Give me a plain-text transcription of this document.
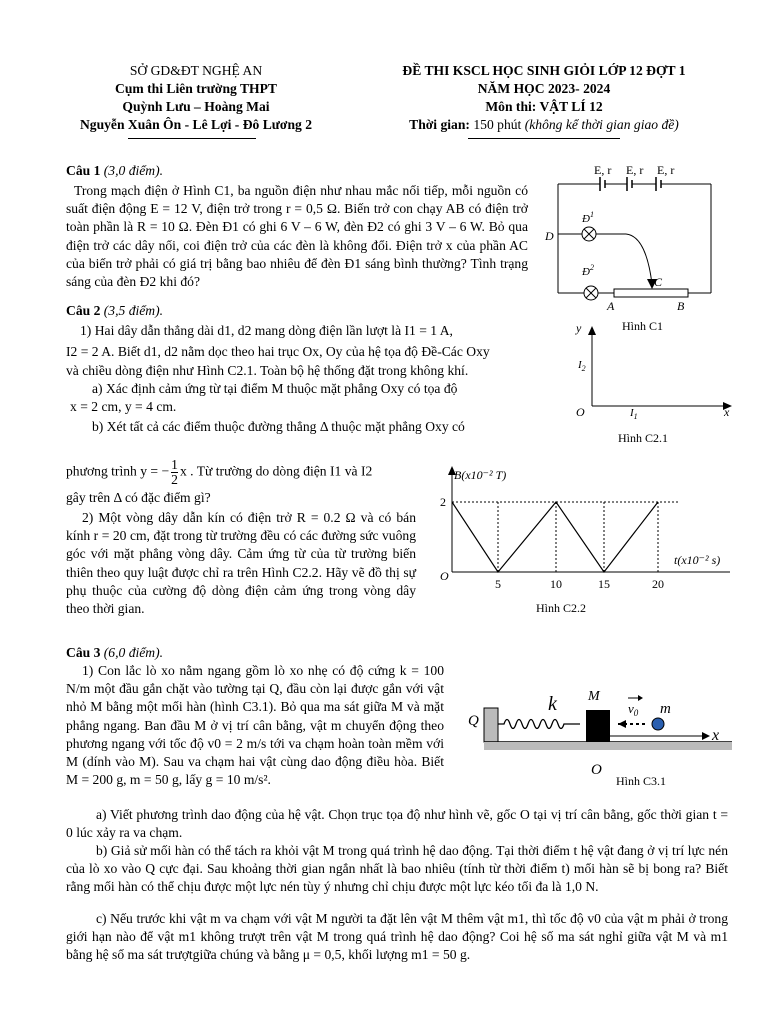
SỞ GD&ĐT NGHỆ AN
Cụm thi Liên trường THPT
Quỳnh Lưu – Hoàng Mai
Nguyễn Xuân Ôn - Lê Lợi - Đô Lương 2
ĐỀ THI KSCL HỌC SINH GIỎI LỚP 12 ĐỢT 1
NĂM HỌC 2023- 2024
Môn thi: VẬT LÍ 12
Thời gian: 150 phút (không kể thời gian giao đề)
Câu 1 (3,0 điểm).
Trong mạch điện ở Hình C1, ba nguồn điện như nhau mắc nối tiếp, mỗi nguồn có suất điện động E = 12 V, điện trở trong r = 0,5 Ω. Biến trở con chạy AB có điện trở toàn phần là R = 10 Ω. Đèn Đ1 có ghi 6 V – 6 W, đèn Đ2 có ghi 3 V – 6 W. Bỏ qua điện trở các dây nối, coi điện trở của các đèn là không đổi. Điện trở x của phần AC của biến trở phải có giá trị bằng bao nhiêu để đèn Đ1 sáng bình thường? Tình trạng sáng của đèn Đ2 khi đó?
E, r E, r E, r
D
$Đ^1$
C
$Đ^2$
A	B
Hình C1
Câu 2 (3,5 điểm).
1) Hai dây dẫn thẳng dài d1, d2 mang dòng điện lần lượt là I1 = 1 A,
I2 = 2 A. Biết d1, d2 nằm dọc theo hai trục Ox, Oy của hệ tọa độ Đề-Các Oxy
và chiều dòng điện như Hình C2.1. Toàn bộ hệ thống đặt trong không khí.
a) Xác định cảm ứng từ tại điểm M thuộc mặt phẳng Oxy có tọa độ
x = 2 cm, y = 4 cm.
b) Xét tất cả các điểm thuộc đường thẳng Δ thuộc mặt phẳng Oxy có
y
x
O
$I_2$
$I_1$
Hình C2.1
phương trình y = − $\frac{1}{2}$ x . Từ trường do dòng điện I1 và I2
gây trên Δ có đặc điểm gì?
2) Một vòng dây dẫn kín có điện trở R = 0.2 Ω và có bán kính r = 20 cm, đặt trong từ trường đều có các đường sức vuông góc với mặt phẳng vòng dây. Cảm ứng từ của từ trường biến thiên theo quy luật được chỉ ra trên Hình C2.2. Hãy vẽ đồ thị sự phụ thuộc của cường độ dòng điện cảm ứng trong vòng dây theo thời gian.
B(x10⁻² T)
t(x10⁻² s)
O
2
5	10	15	20
Hình C2.2
Câu 3 (6,0 điểm).
1) Con lắc lò xo nằm ngang gồm lò xo nhẹ có độ cứng k = 100 N/m một đầu gắn chặt vào tường tại Q, đầu còn lại được gắn với vật nhỏ M bằng một mối hàn (hình C3.1). Bỏ qua ma sát giữa M và mặt phẳng ngang. Ban đầu M ở vị trí cân bằng, vật m chuyển động theo phương ngang với tốc độ v0 = 2 m/s tới va chạm hoàn toàn mềm với M (dính vào M). Sau va chạm hai vật cùng dao động điều hòa. Biết M = 200 g, m = 50 g, lấy g = 10 m/s².
Q
k M
$v_0$ m
x
O
Hình C3.1
a) Viết phương trình dao động của hệ vật. Chọn trục tọa độ như hình vẽ, gốc O tại vị trí cân bằng, gốc thời gian t = 0 lúc xảy ra va chạm.
b) Giả sử mối hàn có thể tách ra khỏi vật M trong quá trình hệ dao động. Tại thời điểm t hệ vật đang ở vị trí lực nén của lò xo vào Q cực đại. Sau khoảng thời gian ngắn nhất là bao nhiêu (tính từ thời điểm t) mối hàn sẽ bị bong ra? Biết rằng mối hàn có thể chịu được một lực nén tùy ý nhưng chỉ chịu được một lực kéo tối đa là 1,0 N.
c) Nếu trước khi vật m va chạm với vật M người ta đặt lên vật M thêm vật m1, thì tốc độ v0 của vật m phải ở trong giới hạn nào để vật m1 không trượt trên vật M trong quá trình hệ dao động? Coi hệ số ma sát nghỉ giữa vật M và m1 bằng hệ số ma sát trượtgiữa chúng và bằng μ = 0,5, khối lượng m1 = 50 g.
